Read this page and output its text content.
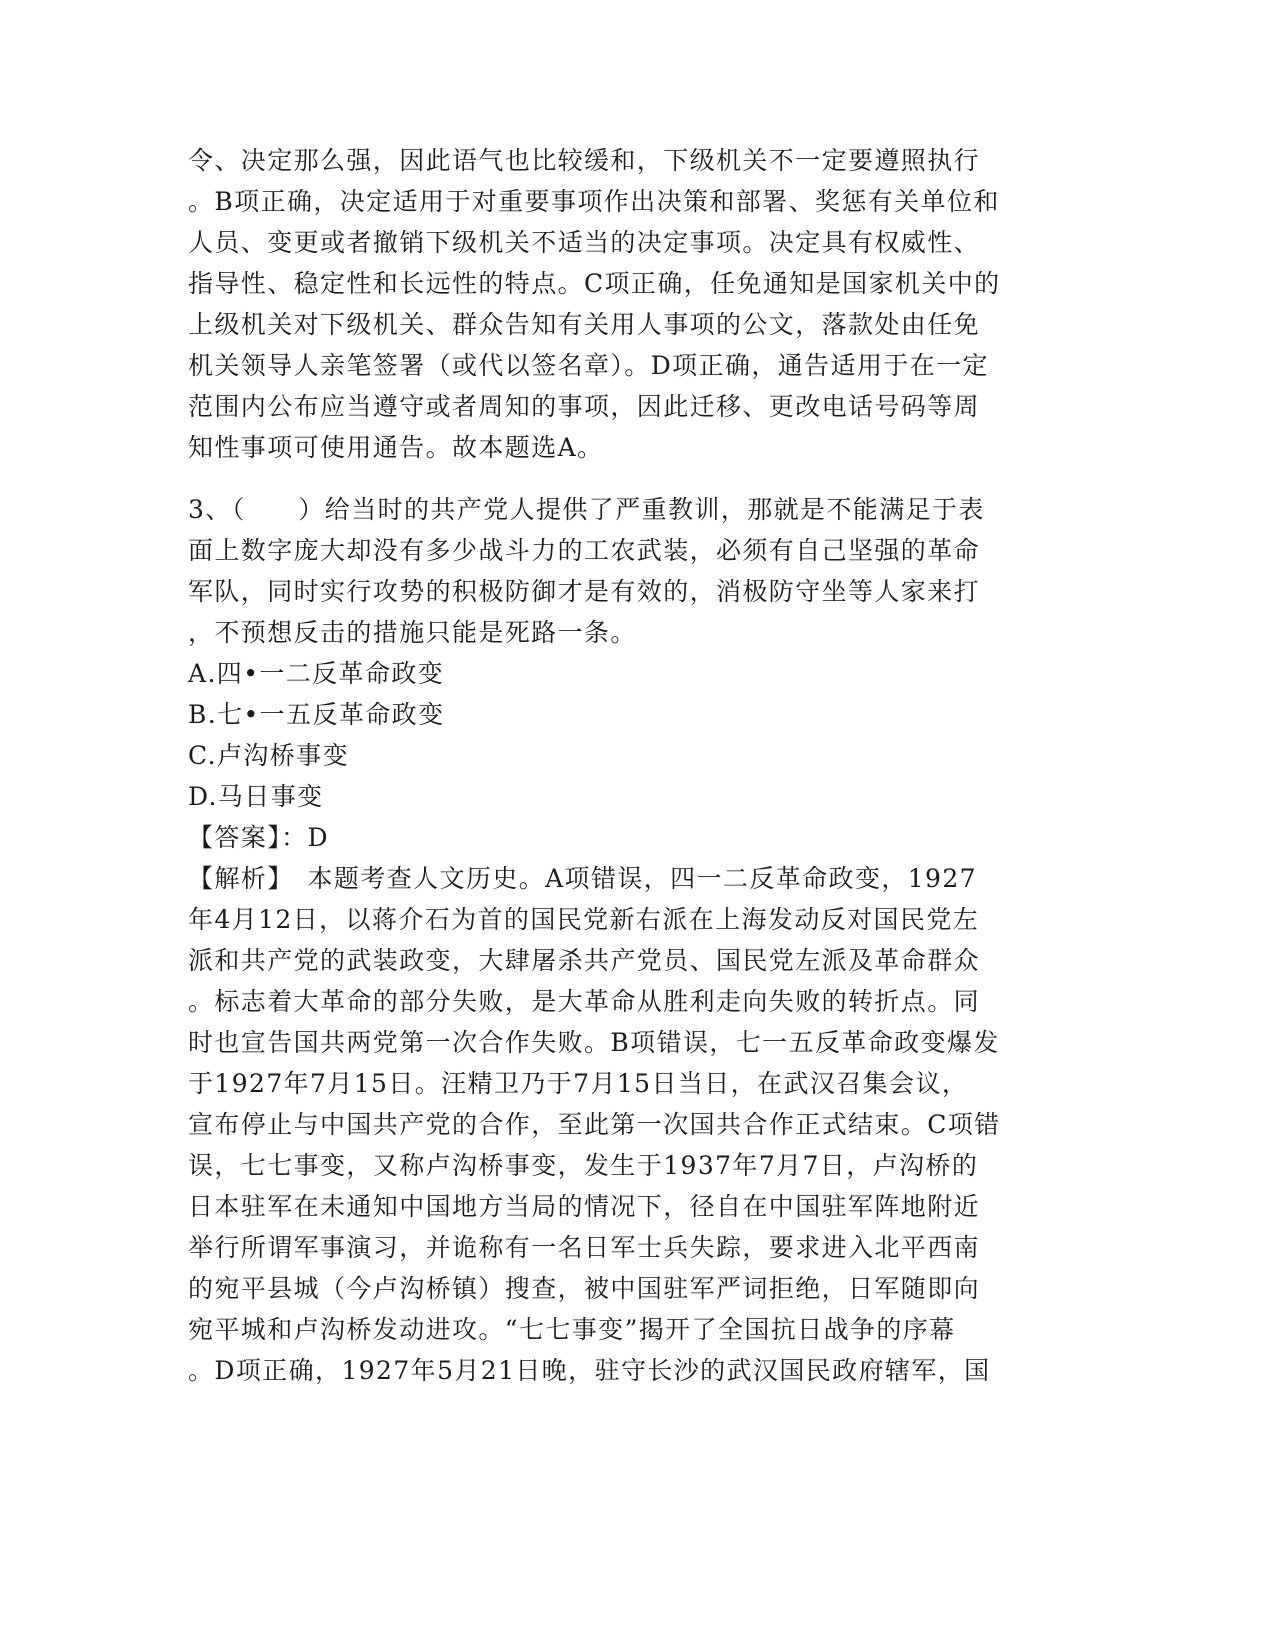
令、决定那么强，因此语气也比较缓和，下级机关不一定要遵照执行
。B项正确，决定适用于对重要事项作出决策和部署、奖惩有关单位和
人员、变更或者撤销下级机关不适当的决定事项。决定具有权威性、
指导性、稳定性和长远性的特点。C项正确，任免通知是国家机关中的
上级机关对下级机关、群众告知有关用人事项的公文，落款处由任免
机关领导人亲笔签署（或代以签名章）。D项正确，通告适用于在一定
范围内公布应当遵守或者周知的事项，因此迁移、更改电话号码等周
知性事项可使用通告。故本题选A。
3、（　　）给当时的共产党人提供了严重教训，那就是不能满足于表
面上数字庞大却没有多少战斗力的工农武装，必须有自己坚强的革命
军队，同时实行攻势的积极防御才是有效的，消极防守坐等人家来打
，不预想反击的措施只能是死路一条。
A.四•一二反革命政变
B.七•一五反革命政变
C.卢沟桥事变
D.马日事变
【答案】：D
【解析】　本题考查人文历史。A项错误，四一二反革命政变，1927
年4月12日，以蒋介石为首的国民党新右派在上海发动反对国民党左
派和共产党的武装政变，大肆屠杀共产党员、国民党左派及革命群众
。标志着大革命的部分失败，是大革命从胜利走向失败的转折点。同
时也宣告国共两党第一次合作失败。B项错误，七一五反革命政变爆发
于1927年7月15日。汪精卫乃于7月15日当日，在武汉召集会议，
宣布停止与中国共产党的合作，至此第一次国共合作正式结束。C项错
误，七七事变，又称卢沟桥事变，发生于1937年7月7日，卢沟桥的
日本驻军在未通知中国地方当局的情况下，径自在中国驻军阵地附近
举行所谓军事演习，并诡称有一名日军士兵失踪，要求进入北平西南
的宛平县城（今卢沟桥镇）搜查，被中国驻军严词拒绝，日军随即向
宛平城和卢沟桥发动进攻。“七七事变”揭开了全国抗日战争的序幕
。D项正确，1927年5月21日晚，驻守长沙的武汉国民政府辖军，国
